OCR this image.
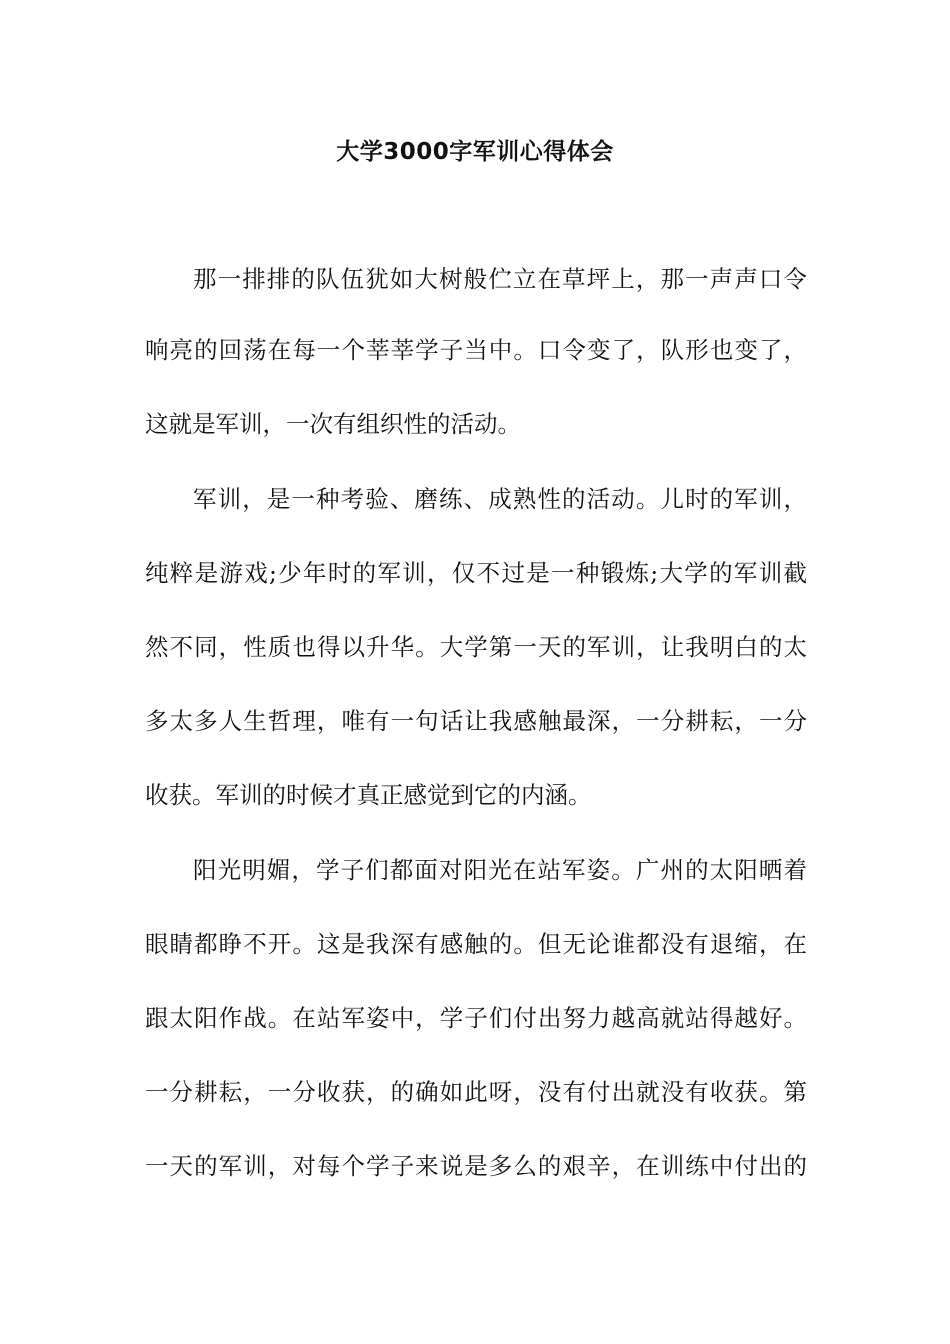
大学3000字军训心得体会
那一排排的队伍犹如大树般伫立在草坪上，那一声声口令
响亮的回荡在每一个莘莘学子当中。口令变了，队形也变了，
这就是军训，一次有组织性的活动。
军训，是一种考验、磨练、成熟性的活动。儿时的军训，
纯粹是游戏;少年时的军训，仅不过是一种锻炼;大学的军训截
然不同，性质也得以升华。大学第一天的军训，让我明白的太
多太多人生哲理，唯有一句话让我感触最深，一分耕耘，一分
收获。军训的时候才真正感觉到它的内涵。
阳光明媚，学子们都面对阳光在站军姿。广州的太阳晒着
眼睛都睁不开。这是我深有感触的。但无论谁都没有退缩，在
跟太阳作战。在站军姿中，学子们付出努力越高就站得越好。
一分耕耘，一分收获，的确如此呀，没有付出就没有收获。第
一天的军训，对每个学子来说是多么的艰辛，在训练中付出的
